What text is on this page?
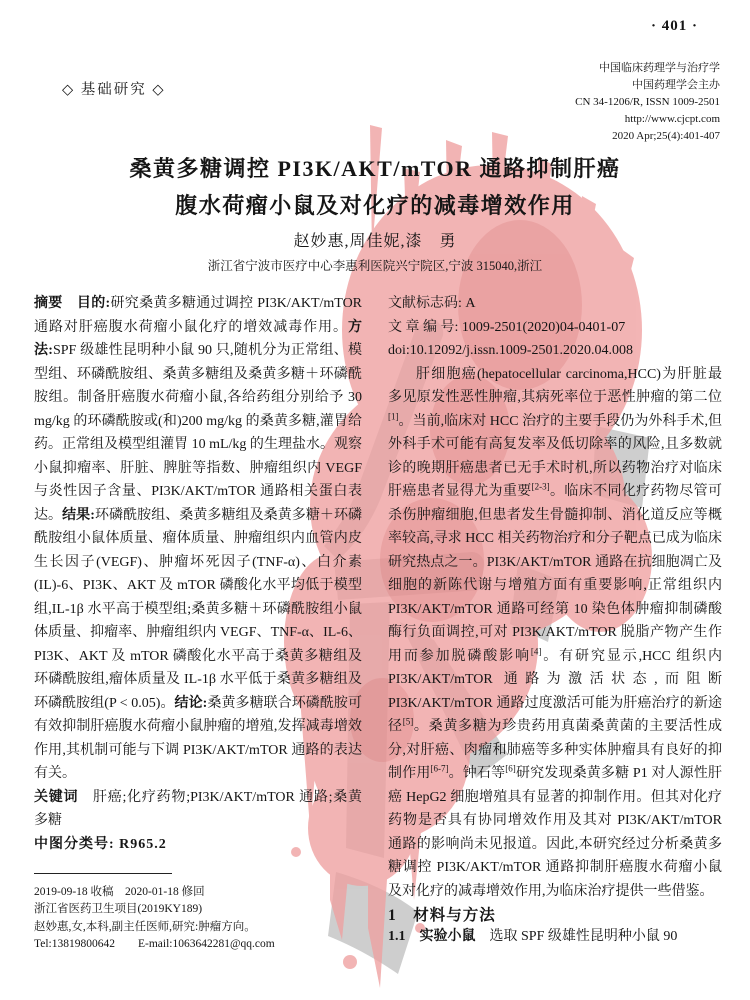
· 401 ·
◇ 基础研究 ◇
中国临床药理学与治疗学
中国药理学会主办
CN 34-1206/R, ISSN 1009-2501
http://www.cjcpt.com
2020 Apr;25(4):401-407
桑黄多糖调控 PI3K/AKT/mTOR 通路抑制肝癌
腹水荷瘤小鼠及对化疗的减毒增效作用
赵妙惠,周佳妮,漆　勇
浙江省宁波市医疗中心李惠利医院兴宁院区,宁波 315040,浙江

摘要　 目的:研究桑黄多糖通过调控 PI3K/AKT/mTOR 通路对肝癌腹水荷瘤小鼠化疗的增效减毒作用。方法:SPF 级雄性昆明种小鼠 90 只,随机分为正常组、模型组、环磷酰胺组、桑黄多糖组及桑黄多糖＋环磷酰胺组。制备肝癌腹水荷瘤小鼠,各给药组分别给予 30 mg/kg 的环磷酰胺或(和)200 mg/kg 的桑黄多糖,灌胃给药。正常组及模型组灌胃 10 mL/kg 的生理盐水。观察小鼠抑瘤率、肝脏、脾脏等指数、肿瘤组织内 VEGF 与炎性因子含量、PI3K/AKT/mTOR 通路相关蛋白表达。结果:环磷酰胺组、桑黄多糖组及桑黄多糖＋环磷酰胺组小鼠体质量、瘤体质量、肿瘤组织内血管内皮生长因子(VEGF)、肿瘤坏死因子(TNF-α)、白介素(IL)-6、PI3K、AKT 及 mTOR 磷酸化水平均低于模型组,IL-1β 水平高于模型组;桑黄多糖＋环磷酰胺组小鼠体质量、抑瘤率、肿瘤组织内 VEGF、TNF-α、IL-6、PI3K、AKT 及 mTOR 磷酸化水平高于桑黄多糖组及环磷酰胺组,瘤体质量及 IL-1β 水平低于桑黄多糖组及环磷酰胺组(P < 0.05)。结论:桑黄多糖联合环磷酰胺可有效抑制肝癌腹水荷瘤小鼠肿瘤的增殖,发挥减毒增效作用,其机制可能与下调 PI3K/AKT/mTOR 通路的表达有关。

关键词　肝癌;化疗药物;PI3K/AKT/mTOR 通路;桑黄多糖

中图分类号: R965.2

2019-09-18 收稿　2020-01-18 修回
浙江省医药卫生项目(2019KY189)
赵妙惠,女,本科,副主任医师,研究:肿瘤方向。
Tel:13819800642　　E-mail:1063642281@qq.com

文献标志码: A

文 章 编 号: 1009-2501(2020)04-0401-07

doi:10.12092/j.issn.1009-2501.2020.04.008

肝细胞癌(hepatocellular carcinoma,HCC)为肝脏最多见原发性恶性肿瘤,其病死率位于恶性肿瘤的第二位[1]。当前,临床对 HCC 治疗的主要手段仍为外科手术,但外科手术可能有高复发率及低切除率的风险,且多数就诊的晚期肝癌患者已无手术时机,所以药物治疗对临床肝癌患者显得尤为重要[2-3]。临床不同化疗药物尽管可杀伤肿瘤细胞,但患者发生骨髓抑制、消化道反应等概率较高,寻求 HCC 相关药物治疗和分子靶点已成为临床研究热点之一。PI3K/AKT/mTOR 通路在抗细胞凋亡及细胞的新陈代谢与增殖方面有重要影响,正常组织内 PI3K/AKT/mTOR 通路可经第 10 染色体肿瘤抑制磷酸酶行负面调控,可对 PI3K/AKT/mTOR 脱脂产物产生作用而参加脱磷酸影响[4]。有研究显示,HCC 组织内 PI3K/AKT/mTOR 通路为激活状态,而阻断 PI3K/AKT/mTOR 通路过度激活可能为肝癌治疗的新途径[5]。桑黄多糖为珍贵药用真菌桑黄菌的主要活性成分,对肝癌、肉瘤和肺癌等多种实体肿瘤具有良好的抑制作用[6-7]。钟石等[6]研究发现桑黄多糖 P1 对人源性肝癌 HepG2 细胞增殖具有显著的抑制作用。但其对化疗药物是否具有协同增效作用及其对 PI3K/AKT/mTOR 通路的影响尚未见报道。因此,本研究经过分析桑黄多糖调控 PI3K/AKT/mTOR 通路抑制肝癌腹水荷瘤小鼠及对化疗的减毒增效作用,为临床治疗提供一些借鉴。

1　材料与方法

1.1　实验小鼠　选取 SPF 级雄性昆明种小鼠 90
